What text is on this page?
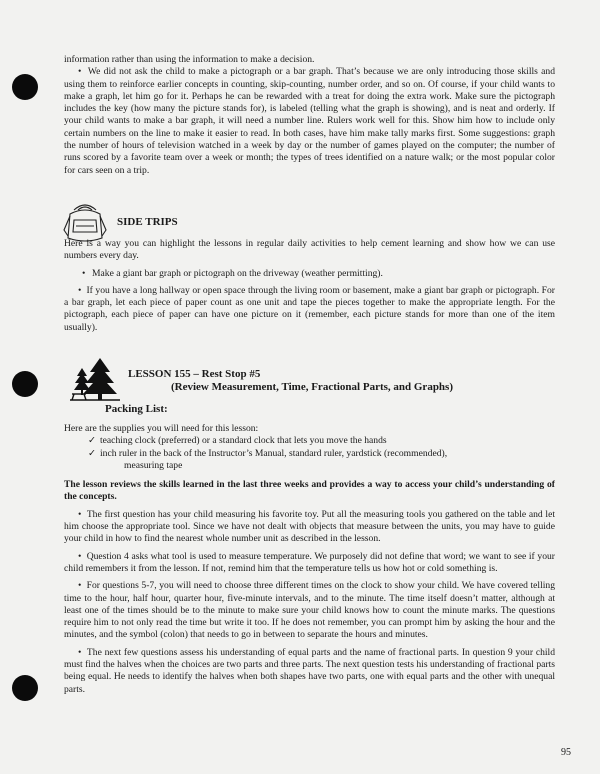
information rather than using the information to make a decision.

• We did not ask the child to make a pictograph or a bar graph. That’s because we are only introducing those skills and using them to reinforce earlier concepts in counting, skip-counting, number order, and so on. Of course, if your child wants to make a graph, let him go for it. Perhaps he can be rewarded with a treat for doing the extra work. Make sure the pictograph includes the key (how many the picture stands for), is labeled (telling what the graph is showing), and is neat and orderly. If your child wants to make a bar graph, it will need a number line. Rulers work well for this. Show him how to include only certain numbers on the line to make it easier to read. In both cases, have him make tally marks first. Some suggestions: graph the number of hours of television watched in a week by day or the number of games played on the computer; the number of runs scored by a favorite team over a week or month; the types of trees identified on a nature walk; or the most popular color for cars seen on a trip.

SIDE TRIPS

Here is a way you can highlight the lessons in regular daily activities to help cement learning and show how we can use numbers every day.

• Make a giant bar graph or pictograph on the driveway (weather permitting).

• If you have a long hallway or open space through the living room or basement, make a giant bar graph or pictograph. For a bar graph, let each piece of paper count as one unit and tape the pieces together to make the appropriate length. For the pictograph, each piece of paper can have one picture on it (remember, each picture stands for more than one of the item usually).

LESSON 155 – Rest Stop #5
(Review Measurement, Time, Fractional Parts, and Graphs)
Packing List:

Here are the supplies you will need for this lesson:

✓ teaching clock (preferred) or a standard clock that lets you move the hands

✓ inch ruler in the back of the Instructor’s Manual, standard ruler, yardstick (recommended),
measuring tape

The lesson reviews the skills learned in the last three weeks and provides a way to access your child’s understanding of the concepts.

• The first question has your child measuring his favorite toy. Put all the measuring tools you gathered on the table and let him choose the appropriate tool. Since we have not dealt with objects that measure between the units, you may have to guide your child in how to find the nearest whole number unit as described in the lesson.

• Question 4 asks what tool is used to measure temperature. We purposely did not define that word; we want to see if your child remembers it from the lesson. If not, remind him that the temperature tells us how hot or cold something is.

• For questions 5-7, you will need to choose three different times on the clock to show your child. We have covered telling time to the hour, half hour, quarter hour, five-minute intervals, and to the minute. The time itself doesn’t matter, although at least one of the times should be to the minute to make sure your child knows how to count the minute marks. The questions require him to not only read the time but write it too. If he does not remember, you can prompt him by asking the hour and the minutes, and the symbol (colon) that needs to go in between to separate the hours and minutes.

• The next few questions assess his understanding of equal parts and the name of fractional parts. In question 9 your child must find the halves when the choices are two parts and three parts. The next question tests his understanding of fractional parts being equal. He needs to identify the halves when both shapes have two parts, one with equal parts and the other with unequal parts.

95
